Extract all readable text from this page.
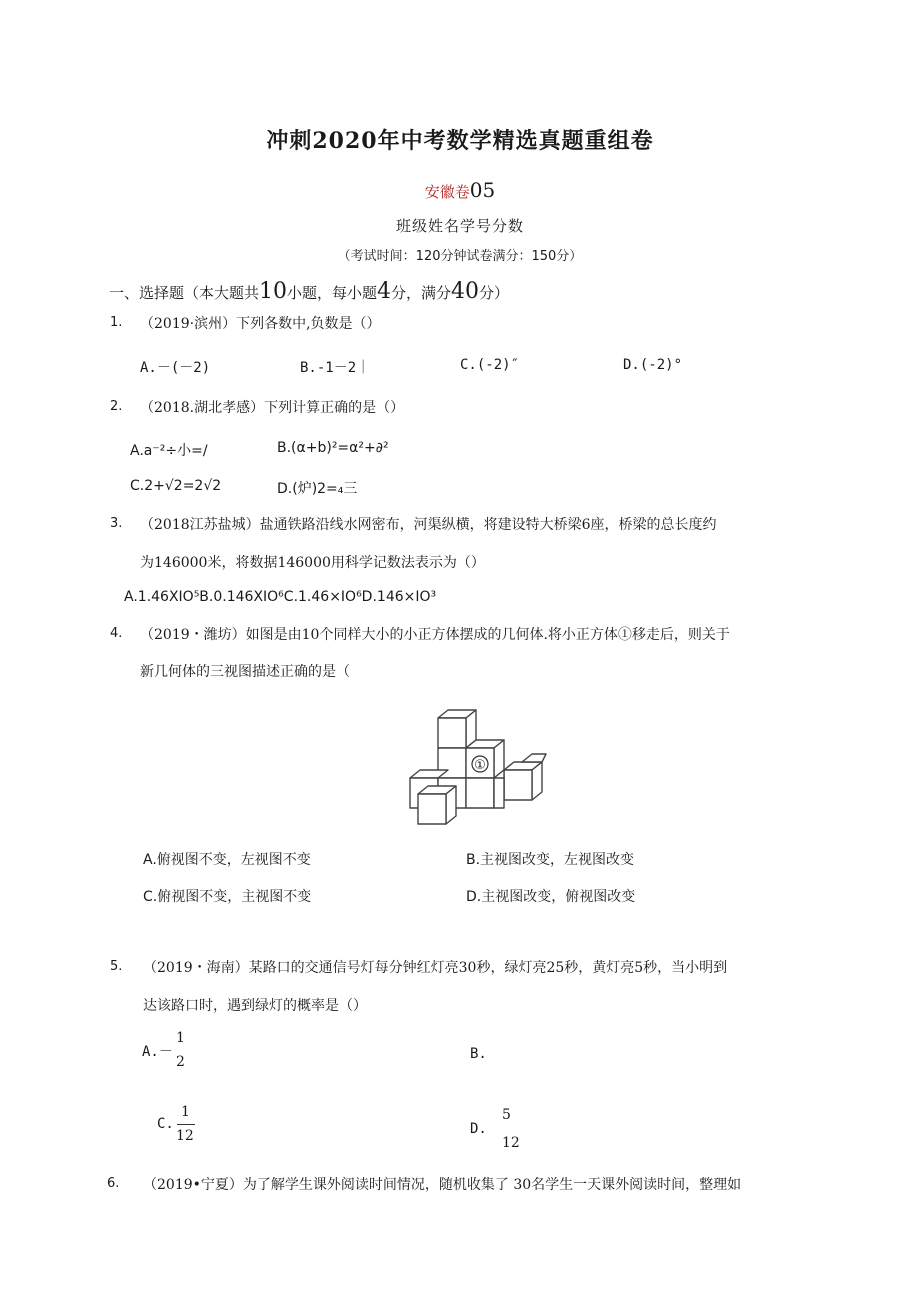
冲刺2020年中考数学精选真题重组卷
安徽卷05
班级姓名学号分数
（考试时间：120分钟试卷满分：150分）
一、选择题（本大题共10小题，每小题4分，满分40分）
1. （2019·滨州）下列各数中,负数是（）
A.－(－2)	B.-1－2｜	C.(-2)″	D.(-2)°
2. （2018.湖北孝感）下列计算正确的是（）
A.a⁻²÷小=/	B.(α+b)²=α²+∂²
C.2+√2=2√2	D.(炉)2=₄三
3. （2018江苏盐城）盐通铁路沿线水网密布，河渠纵横，将建设特大桥梁6座，桥梁的总长度约
为146000米，将数据146000用科学记数法表示为（）
A.1.46XIO⁵B.0.146XIO⁶C.1.46×IO⁶D.146×IO³
4. （2019・潍坊）如图是由10个同样大小的小正方体摆成的几何体.将小正方体①移走后，则关于
新几何体的三视图描述正确的是（
①
A.俯视图不变，左视图不变	B.主视图改变，左视图改变
C.俯视图不变，主视图不变	D.主视图改变，俯视图改变
5. （2019・海南）某路口的交通信号灯每分钟红灯亮30秒，绿灯亮25秒，黄灯亮5秒，当小明到
达该路口时，遇到绿灯的概率是（）
A.－
1
2	B.
C.
1
12	D.
5
12
6. （2019•宁夏）为了解学生课外阅读时间情况，随机收集了 30名学生一天课外阅读时间，整理如
